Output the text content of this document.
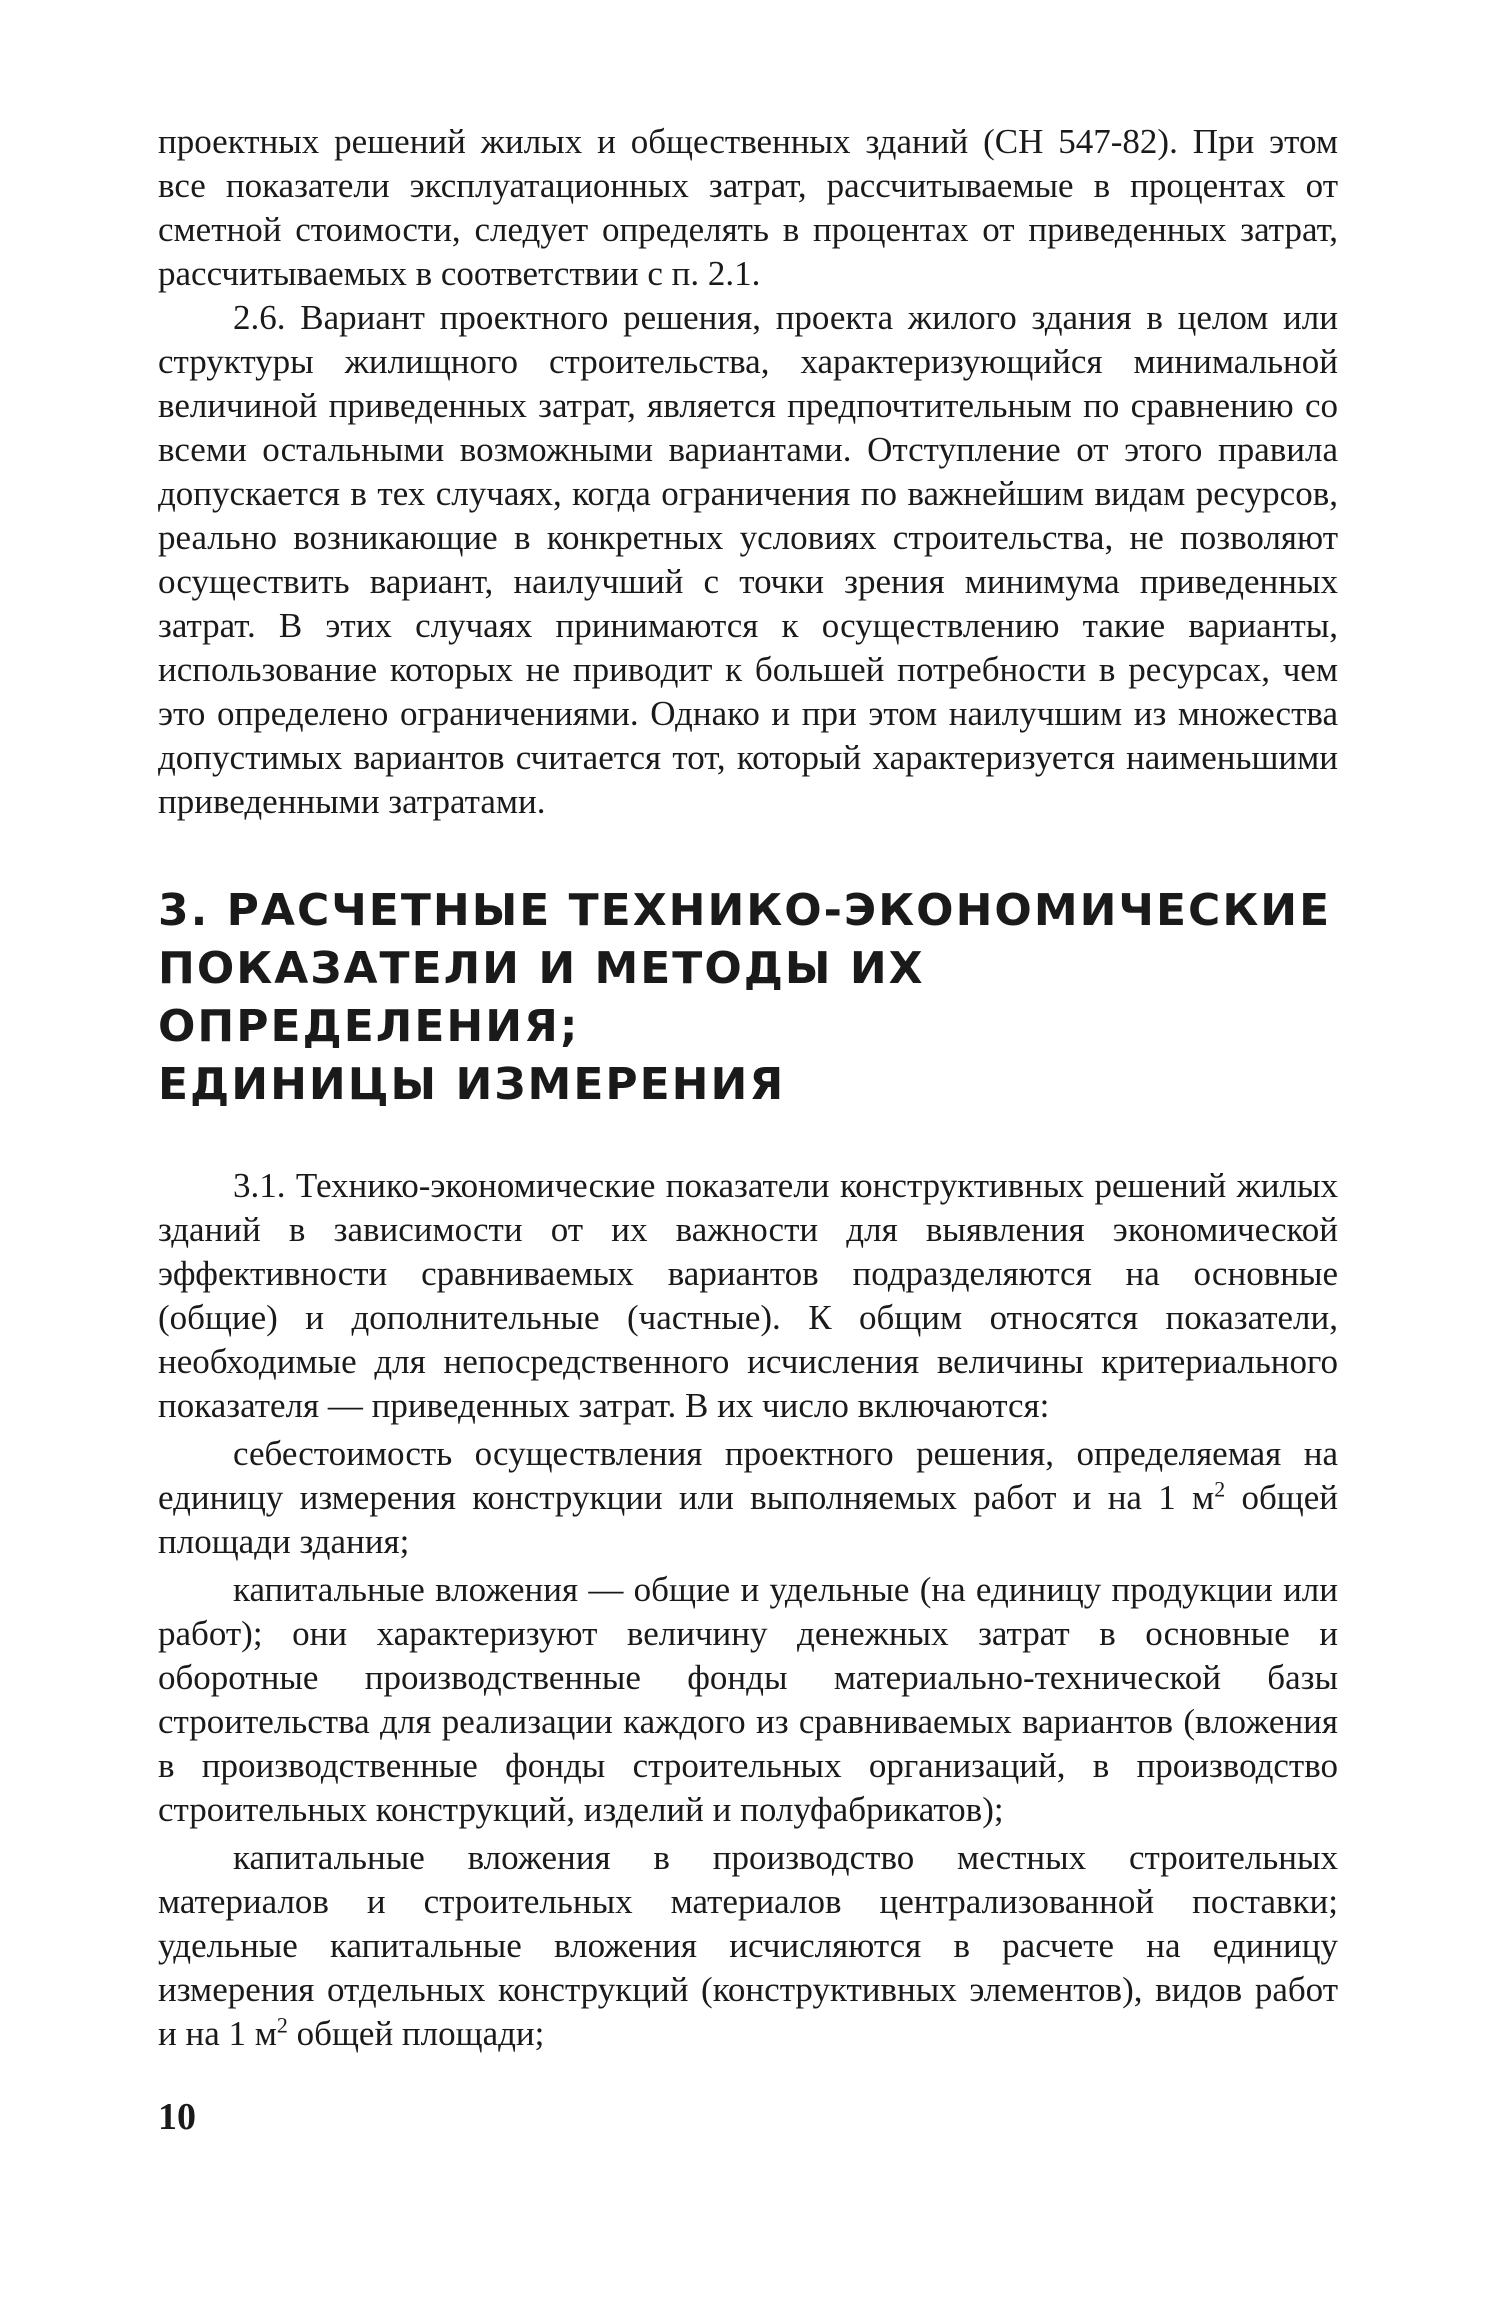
проектных решений жилых и общественных зданий (СН 547-82). При этом все показатели эксплуатационных затрат, рассчитываемые в процентах от сметной стоимости, следует определять в процентах от приведенных затрат, рассчитываемых в соответствии с п. 2.1.

2.6. Вариант проектного решения, проекта жилого здания в целом или структуры жилищного строительства, характеризующийся минимальной величиной приведенных затрат, является предпочтительным по сравнению со всеми остальными возможными вариантами. Отступление от этого правила допускается в тех случаях, когда ограничения по важнейшим видам ресурсов, реально возникающие в конкретных условиях строительства, не позволяют осуществить вариант, наилучший с точки зрения минимума приведенных затрат. В этих случаях принимаются к осуществлению такие варианты, использование которых не приводит к большей потребности в ресурсах, чем это определено ограничениями. Однако и при этом наилучшим из множества допустимых вариантов считается тот, который характеризуется наименьшими приведенными затратами.

3. РАСЧЕТНЫЕ ТЕХНИКО-ЭКОНОМИЧЕСКИЕ
ПОКАЗАТЕЛИ И МЕТОДЫ ИХ ОПРЕДЕЛЕНИЯ;
ЕДИНИЦЫ ИЗМЕРЕНИЯ

3.1. Технико-экономические показатели конструктивных решений жилых зданий в зависимости от их важности для выявления экономической эффективности сравниваемых вариантов подразделяются на основные (общие) и дополнительные (частные). К общим относятся показатели, необходимые для непосредственного исчисления величины критериального показателя — приведенных затрат. В их число включаются:

себестоимость осуществления проектного решения, определяемая на единицу измерения конструкции или выполняемых работ и на 1 $м^2$ общей площади здания;

капитальные вложения — общие и удельные (на единицу продукции или работ); они характеризуют величину денежных затрат в основные и оборотные производственные фонды материально-технической базы строительства для реализации каждого из сравниваемых вариантов (вложения в производственные фонды строительных организаций, в производство строительных конструкций, изделий и полуфабрикатов);

капитальные вложения в производство местных строительных материалов и строительных материалов централизованной поставки; удельные капитальные вложения исчисляются в расчете на единицу измерения отдельных конструкций (конструктивных элементов), видов работ и на 1 $м^2$ общей площади;

10
